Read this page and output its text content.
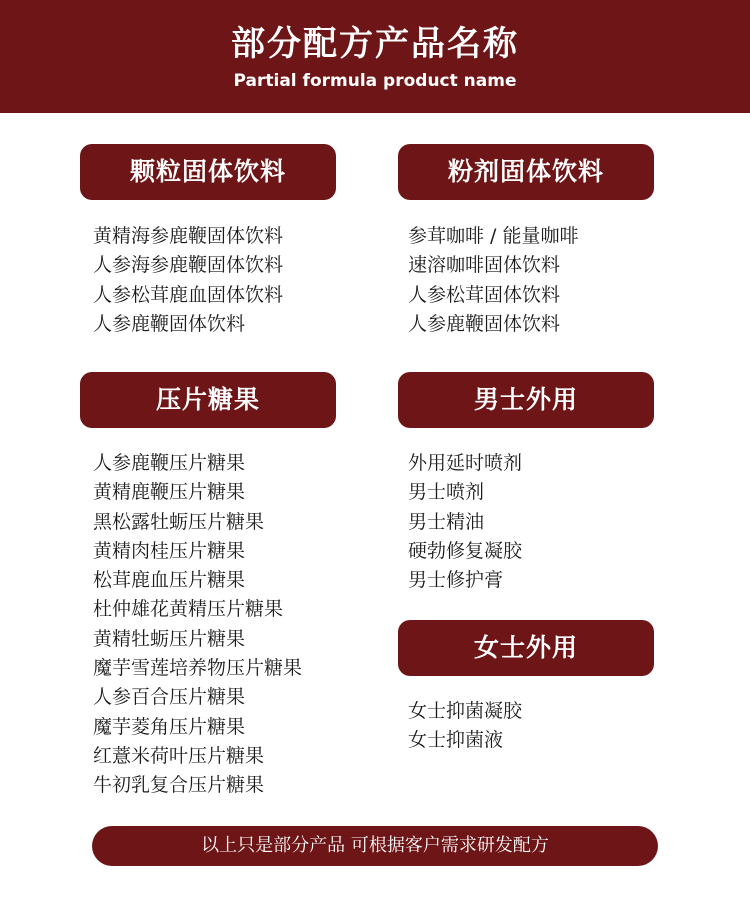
部分配方产品名称
Partial formula product name
颗粒固体饮料
黄精海参鹿鞭固体饮料
人参海参鹿鞭固体饮料
人参松茸鹿血固体饮料
人参鹿鞭固体饮料
粉剂固体饮料
参茸咖啡 / 能量咖啡
速溶咖啡固体饮料
人参松茸固体饮料
人参鹿鞭固体饮料
压片糖果
人参鹿鞭压片糖果
黄精鹿鞭压片糖果
黑松露牡蛎压片糖果
黄精肉桂压片糖果
松茸鹿血压片糖果
杜仲雄花黄精压片糖果
黄精牡蛎压片糖果
魔芋雪莲培养物压片糖果
人参百合压片糖果
魔芋菱角压片糖果
红薏米荷叶压片糖果
牛初乳复合压片糖果
男士外用
外用延时喷剂
男士喷剂
男士精油
硬勃修复凝胶
男士修护膏
女士外用
女士抑菌凝胶
女士抑菌液
以上只是部分产品 可根据客户需求研发配方
